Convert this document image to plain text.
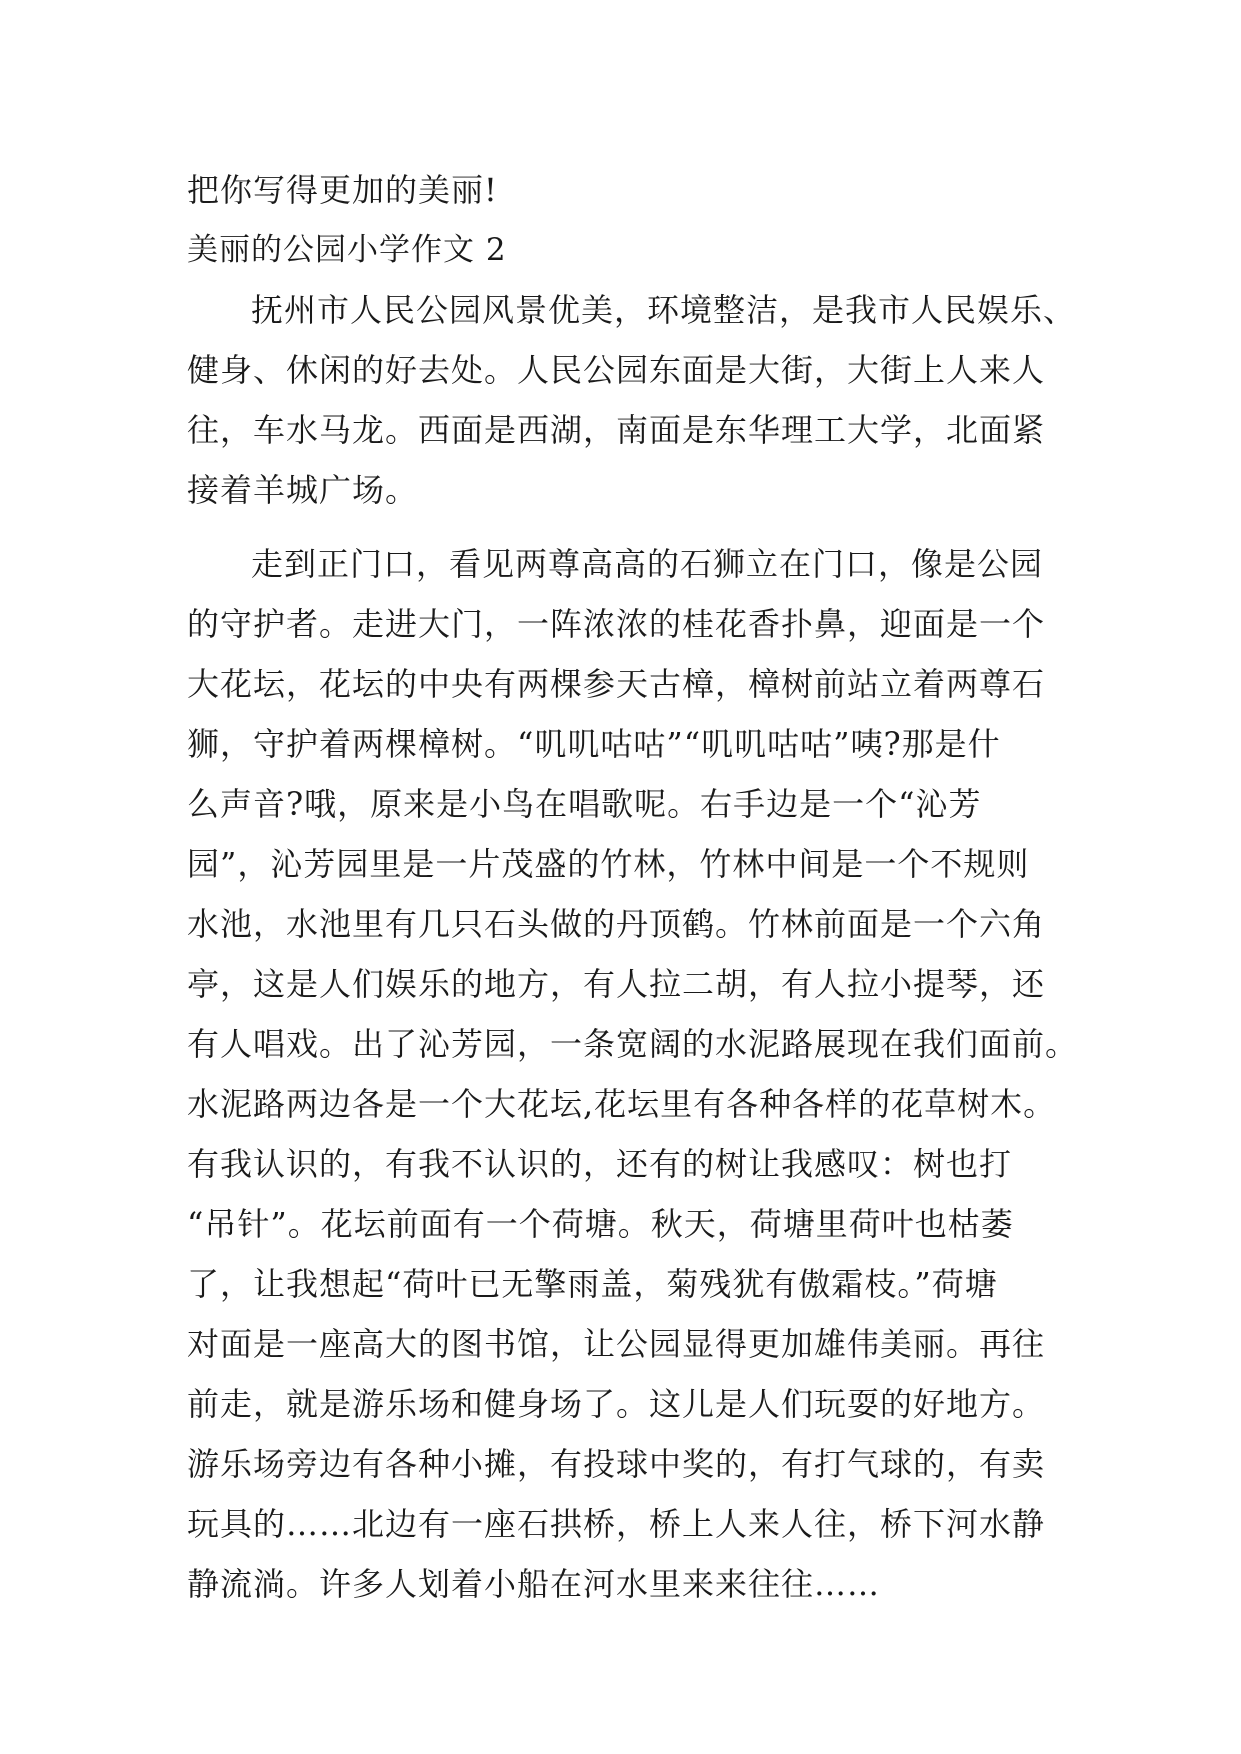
把你写得更加的美丽!
美丽的公园小学作文 2
抚州市人民公园风景优美，环境整洁，是我市人民娱乐、
健身、休闲的好去处。人民公园东面是大街，大街上人来人
往，车水马龙。西面是西湖，南面是东华理工大学，北面紧
接着羊城广场。
走到正门口，看见两尊高高的石狮立在门口，像是公园
的守护者。走进大门，一阵浓浓的桂花香扑鼻，迎面是一个
大花坛，花坛的中央有两棵参天古樟，樟树前站立着两尊石
狮，守护着两棵樟树。“叽叽咕咕”“叽叽咕咕”咦?那是什
么声音?哦，原来是小鸟在唱歌呢。右手边是一个“沁芳
园”，沁芳园里是一片茂盛的竹林，竹林中间是一个不规则
水池，水池里有几只石头做的丹顶鹤。竹林前面是一个六角
亭，这是人们娱乐的地方，有人拉二胡，有人拉小提琴，还
有人唱戏。出了沁芳园，一条宽阔的水泥路展现在我们面前。
水泥路两边各是一个大花坛,花坛里有各种各样的花草树木。
有我认识的，有我不认识的，还有的树让我感叹：树也打
“吊针”。花坛前面有一个荷塘。秋天，荷塘里荷叶也枯萎
了，让我想起“荷叶已无擎雨盖，菊残犹有傲霜枝。”荷塘
对面是一座高大的图书馆，让公园显得更加雄伟美丽。再往
前走，就是游乐场和健身场了。这儿是人们玩耍的好地方。
游乐场旁边有各种小摊，有投球中奖的，有打气球的，有卖
玩具的……北边有一座石拱桥，桥上人来人往，桥下河水静
静流淌。许多人划着小船在河水里来来往往……
